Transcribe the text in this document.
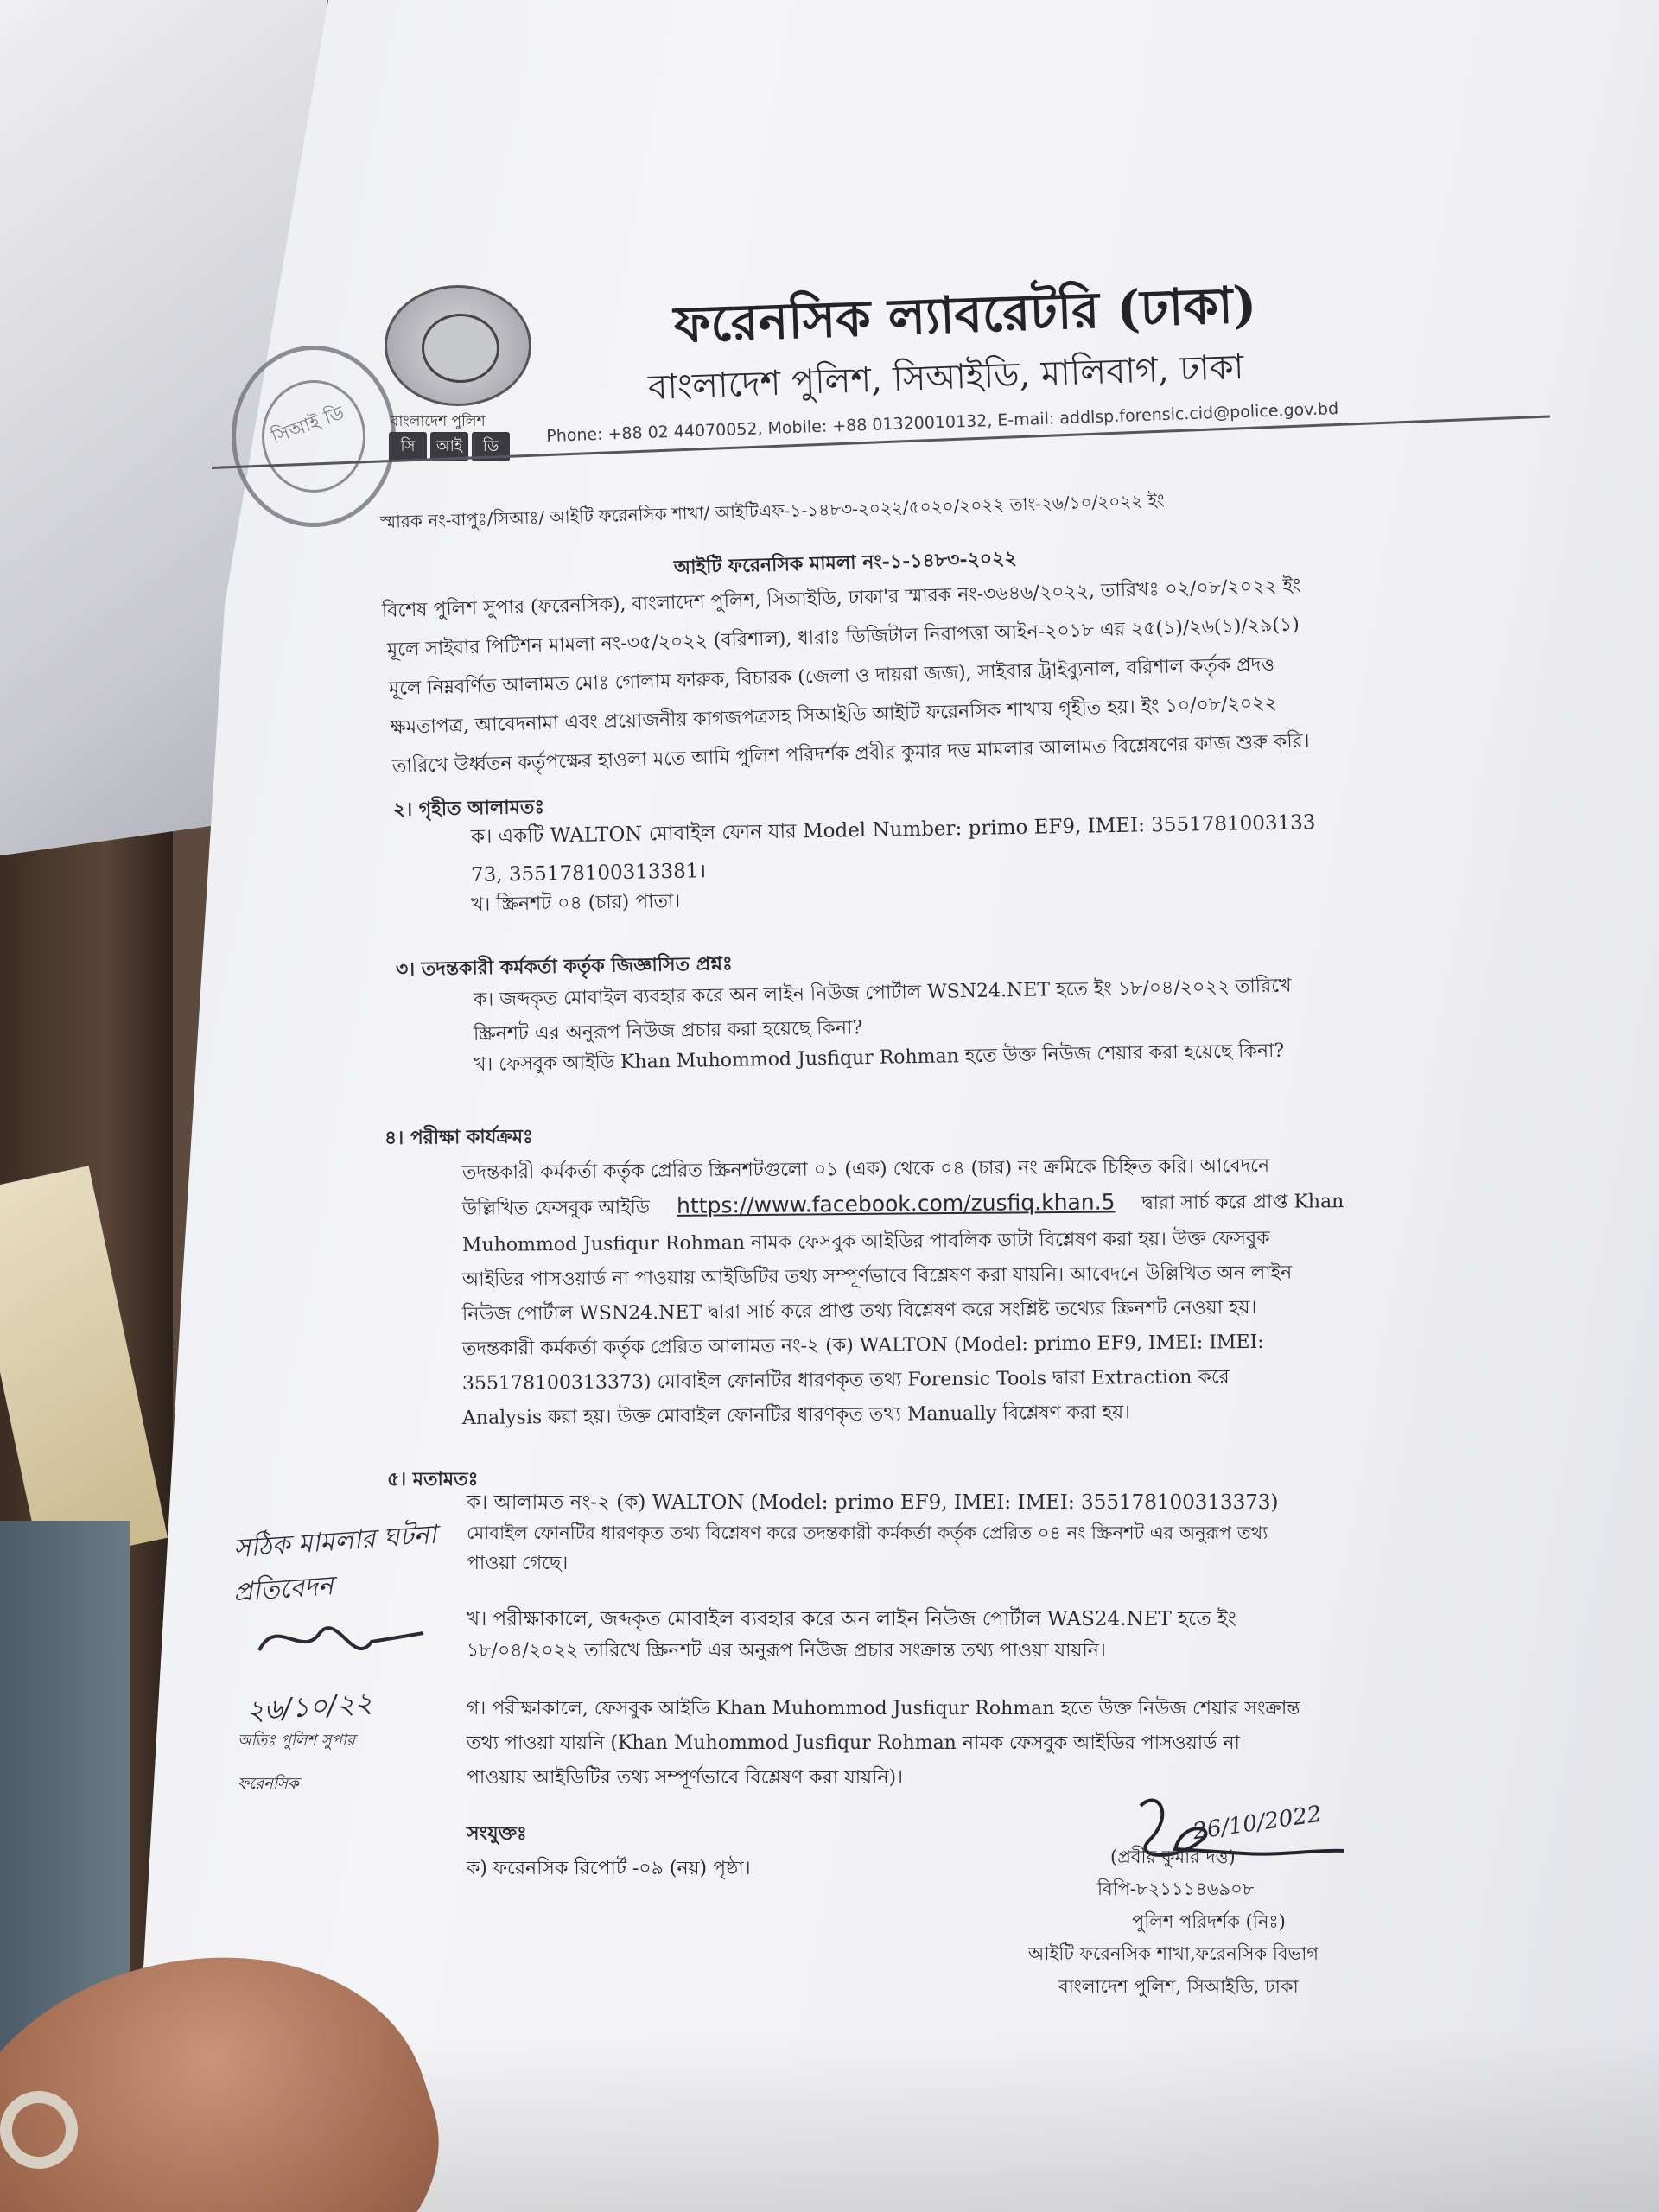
সিআই ডি	বাংলাদেশ পুলিশ
সি	আই	ডি
ফরেনসিক ল্যাবরেটরি (ঢাকা)
বাংলাদেশ পুলিশ, সিআইডি, মালিবাগ, ঢাকা
Phone: +88 02 44070052, Mobile: +88 01320010132, E-mail: addlsp.forensic.cid@police.gov.bd
স্মারক নং-বাপুঃ/সিআঃ/ আইটি ফরেনসিক শাখা/ আইটিএফ-১-১৪৮৩-২০২২/৫০২০/২০২২ তাং-২৬/১০/২০২২ ইং
আইটি ফরেনসিক মামলা নং-১-১৪৮৩-২০২২
বিশেষ পুলিশ সুপার (ফরেনসিক), বাংলাদেশ পুলিশ, সিআইডি, ঢাকা'র স্মারক নং-৩৬৪৬/২০২২, তারিখঃ ০২/০৮/২০২২ ইং
মূলে সাইবার পিটিশন মামলা নং-৩৫/২০২২ (বরিশাল), ধারাঃ ডিজিটাল নিরাপত্তা আইন-২০১৮ এর ২৫(১)/২৬(১)/২৯(১)
মূলে নিম্নবর্ণিত আলামত মোঃ গোলাম ফারুক, বিচারক (জেলা ও দায়রা জজ), সাইবার ট্রাইব্যুনাল, বরিশাল কর্তৃক প্রদত্ত
ক্ষমতাপত্র, আবেদনামা এবং প্রয়োজনীয় কাগজপত্রসহ সিআইডি আইটি ফরেনসিক শাখায় গৃহীত হয়। ইং ১০/০৮/২০২২
তারিখে উর্ধ্বতন কর্তৃপক্ষের হাওলা মতে আমি পুলিশ পরিদর্শক প্রবীর কুমার দত্ত মামলার আলামত বিশ্লেষণের কাজ শুরু করি।
২। গৃহীত আলামতঃ
ক। একটি WALTON মোবাইল ফোন যার Model Number: primo EF9, IMEI: 3551781003133
73, 355178100313381।
খ। স্ক্রিনশট ০৪ (চার) পাতা।
৩। তদন্তকারী কর্মকর্তা কর্তৃক জিজ্ঞাসিত প্রশ্নঃ
ক। জব্দকৃত মোবাইল ব্যবহার করে অন লাইন নিউজ পোর্টাল WSN24.NET হতে ইং ১৮/০৪/২০২২ তারিখে
স্ক্রিনশট এর অনুরূপ নিউজ প্রচার করা হয়েছে কিনা?
খ। ফেসবুক আইডি Khan Muhommod Jusfiqur Rohman হতে উক্ত নিউজ শেয়ার করা হয়েছে কিনা?
৪। পরীক্ষা কার্যক্রমঃ
তদন্তকারী কর্মকর্তা কর্তৃক প্রেরিত স্ক্রিনশটগুলো ০১ (এক) থেকে ০৪ (চার) নং ক্রমিকে চিহ্নিত করি। আবেদনে
উল্লিখিত ফেসবুক আইডি https://www.facebook.com/zusfiq.khan.5 দ্বারা সার্চ করে প্রাপ্ত Khan
Muhommod Jusfiqur Rohman নামক ফেসবুক আইডির পাবলিক ডাটা বিশ্লেষণ করা হয়। উক্ত ফেসবুক
আইডির পাসওয়ার্ড না পাওয়ায় আইডিটির তথ্য সম্পূর্ণভাবে বিশ্লেষণ করা যায়নি। আবেদনে উল্লিখিত অন লাইন
নিউজ পোর্টাল WSN24.NET দ্বারা সার্চ করে প্রাপ্ত তথ্য বিশ্লেষণ করে সংশ্লিষ্ট তথ্যের স্ক্রিনশট নেওয়া হয়।
তদন্তকারী কর্মকর্তা কর্তৃক প্রেরিত আলামত নং-২ (ক) WALTON (Model: primo EF9, IMEI: IMEI:
355178100313373) মোবাইল ফোনটির ধারণকৃত তথ্য Forensic Tools দ্বারা Extraction করে
Analysis করা হয়। উক্ত মোবাইল ফোনটির ধারণকৃত তথ্য Manually বিশ্লেষণ করা হয়।
৫। মতামতঃ
ক। আলামত নং-২ (ক) WALTON (Model: primo EF9, IMEI: IMEI: 355178100313373)
মোবাইল ফোনটির ধারণকৃত তথ্য বিশ্লেষণ করে তদন্তকারী কর্মকর্তা কর্তৃক প্রেরিত ০৪ নং স্ক্রিনশট এর অনুরূপ তথ্য
পাওয়া গেছে।
খ। পরীক্ষাকালে, জব্দকৃত মোবাইল ব্যবহার করে অন লাইন নিউজ পোর্টাল WAS24.NET হতে ইং
১৮/০৪/২০২২ তারিখে স্ক্রিনশট এর অনুরূপ নিউজ প্রচার সংক্রান্ত তথ্য পাওয়া যায়নি।
গ। পরীক্ষাকালে, ফেসবুক আইডি Khan Muhommod Jusfiqur Rohman হতে উক্ত নিউজ শেয়ার সংক্রান্ত
তথ্য পাওয়া যায়নি (Khan Muhommod Jusfiqur Rohman নামক ফেসবুক আইডির পাসওয়ার্ড না
পাওয়ায় আইডিটির তথ্য সম্পূর্ণভাবে বিশ্লেষণ করা যায়নি)।
সংযুক্তঃ
ক) ফরেনসিক রিপোর্ট -০৯ (নয়) পৃষ্ঠা।
26/10/2022
(প্রবীর কুমার দত্ত)
বিপি-৮২১১১৪৬৯০৮
পুলিশ পরিদর্শক (নিঃ)
আইটি ফরেনসিক শাখা,ফরেনসিক বিভাগ
বাংলাদেশ পুলিশ, সিআইডি, ঢাকা
সঠিক মামলার ঘটনা
প্রতিবেদন
২৬/১০/২২
অতিঃ পুলিশ সুপার
ফরেনসিক
